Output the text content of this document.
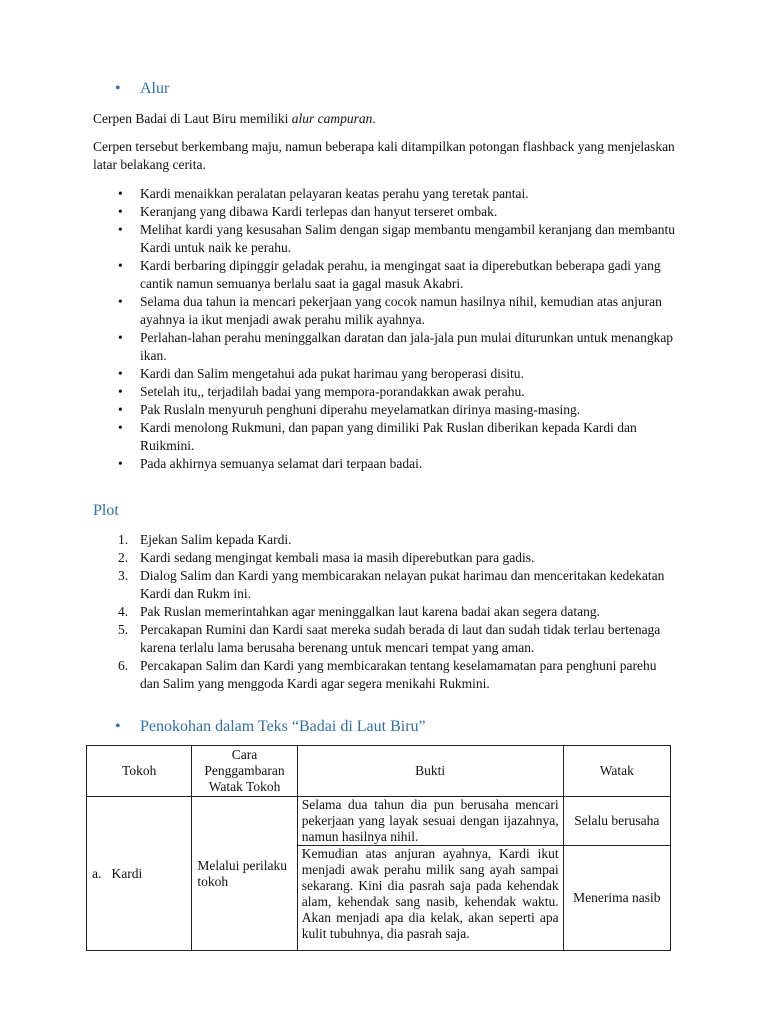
• Alur
Cerpen Badai di Laut Biru memiliki alur campuran.
Cerpen tersebut berkembang maju, namun beberapa kali ditampilkan potongan flashback yang menjelaskan latar belakang cerita.
• Kardi menaikkan peralatan pelayaran keatas perahu yang teretak pantai.
• Keranjang yang dibawa Kardi terlepas dan hanyut terseret ombak.
• Melihat kardi yang kesusahan Salim dengan sigap membantu mengambil keranjang dan membantu Kardi untuk naik ke perahu.
• Kardi berbaring dipinggir geladak perahu, ia mengingat saat ia diperebutkan beberapa gadi yang cantik namun semuanya berlalu saat ia gagal masuk Akabri.
• Selama dua tahun ia mencari pekerjaan yang cocok namun hasilnya nihil, kemudian atas anjuran ayahnya ia ikut menjadi awak perahu milik ayahnya.
• Perlahan-lahan perahu meninggalkan daratan dan jala-jala pun mulai diturunkan untuk menangkap ikan.
• Kardi dan Salim mengetahui ada pukat harimau yang beroperasi disitu.
• Setelah itu,, terjadilah badai yang mempora-porandakkan awak perahu.
• Pak Ruslaln menyuruh penghuni diperahu meyelamatkan dirinya masing-masing.
• Kardi menolong Rukmuni, dan papan yang dimiliki Pak Ruslan diberikan kepada Kardi dan Ruikmini.
• Pada akhirnya semuanya selamat dari terpaan badai.
Plot
1. Ejekan Salim kepada Kardi.
2. Kardi sedang mengingat kembali masa ia masih diperebutkan para gadis.
3. Dialog Salim dan Kardi yang membicarakan nelayan pukat harimau dan menceritakan kedekatan Kardi dan Rukm ini.
4. Pak Ruslan memerintahkan agar meninggalkan laut karena badai akan segera datang.
5. Percakapan Rumini dan Kardi saat mereka sudah berada di laut dan sudah tidak terlau bertenaga karena terlalu lama berusaha berenang untuk mencari tempat yang aman.
6. Percakapan Salim dan Kardi yang membicarakan tentang keselamamatan para penghuni parehu dan Salim yang menggoda Kardi agar segera menikahi Rukmini.
• Penokohan dalam Teks “Badai di Laut Biru”
Tokoh	Cara Penggambaran Watak Tokoh	Bukti	Watak
a.   Kardi	Melalui perilaku tokoh	Selama dua tahun dia pun berusaha mencari pekerjaan yang layak sesuai dengan ijazahnya, namun hasilnya nihil.	Selalu berusaha
		Kemudian atas anjuran ayahnya, Kardi ikut menjadi awak perahu milik sang ayah sampai sekarang. Kini dia pasrah saja pada kehendak alam, kehendak sang nasib, kehendak waktu. Akan menjadi apa dia kelak, akan seperti apa kulit tubuhnya, dia pasrah saja.	Menerima nasib
